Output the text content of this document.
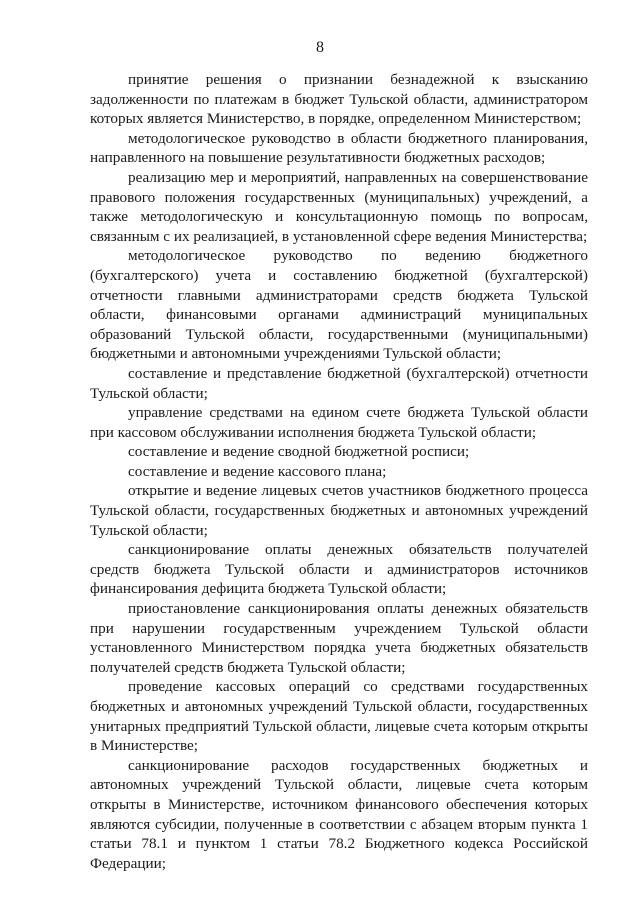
8

принятие решения о признании безнадежной к взысканию задолженности по платежам в бюджет Тульской области, администратором которых является Министерство, в порядке, определенном Министерством;

методологическое руководство в области бюджетного планирования, направленного на повышение результативности бюджетных расходов;

реализацию мер и мероприятий, направленных на совершенствование правового положения государственных (муниципальных) учреждений, а также методологическую и консультационную помощь по вопросам, связанным с их реализацией, в установленной сфере ведения Министерства;

методологическое руководство по ведению бюджетного (бухгалтерского) учета и составлению бюджетной (бухгалтерской) отчетности главными администраторами средств бюджета Тульской области, финансовыми органами администраций муниципальных образований Тульской области, государственными (муниципальными) бюджетными и автономными учреждениями Тульской области;

составление и представление бюджетной (бухгалтерской) отчетности Тульской области;

управление средствами на едином счете бюджета Тульской области при кассовом обслуживании исполнения бюджета Тульской области;

составление и ведение сводной бюджетной росписи;

составление и ведение кассового плана;

открытие и ведение лицевых счетов участников бюджетного процесса Тульской области, государственных бюджетных и автономных учреждений Тульской области;

санкционирование оплаты денежных обязательств получателей средств бюджета Тульской области и администраторов источников финансирования дефицита бюджета Тульской области;

приостановление санкционирования оплаты денежных обязательств при нарушении государственным учреждением Тульской области установленного Министерством порядка учета бюджетных обязательств получателей средств бюджета Тульской области;

проведение кассовых операций со средствами государственных бюджетных и автономных учреждений Тульской области, государственных унитарных предприятий Тульской области, лицевые счета которым открыты в Министерстве;

санкционирование расходов государственных бюджетных и автономных учреждений Тульской области, лицевые счета которым открыты в Министерстве, источником финансового обеспечения которых являются субсидии, полученные в соответствии с абзацем вторым пункта 1 статьи 78.1 и пунктом 1 статьи 78.2 Бюджетного кодекса Российской Федерации;
